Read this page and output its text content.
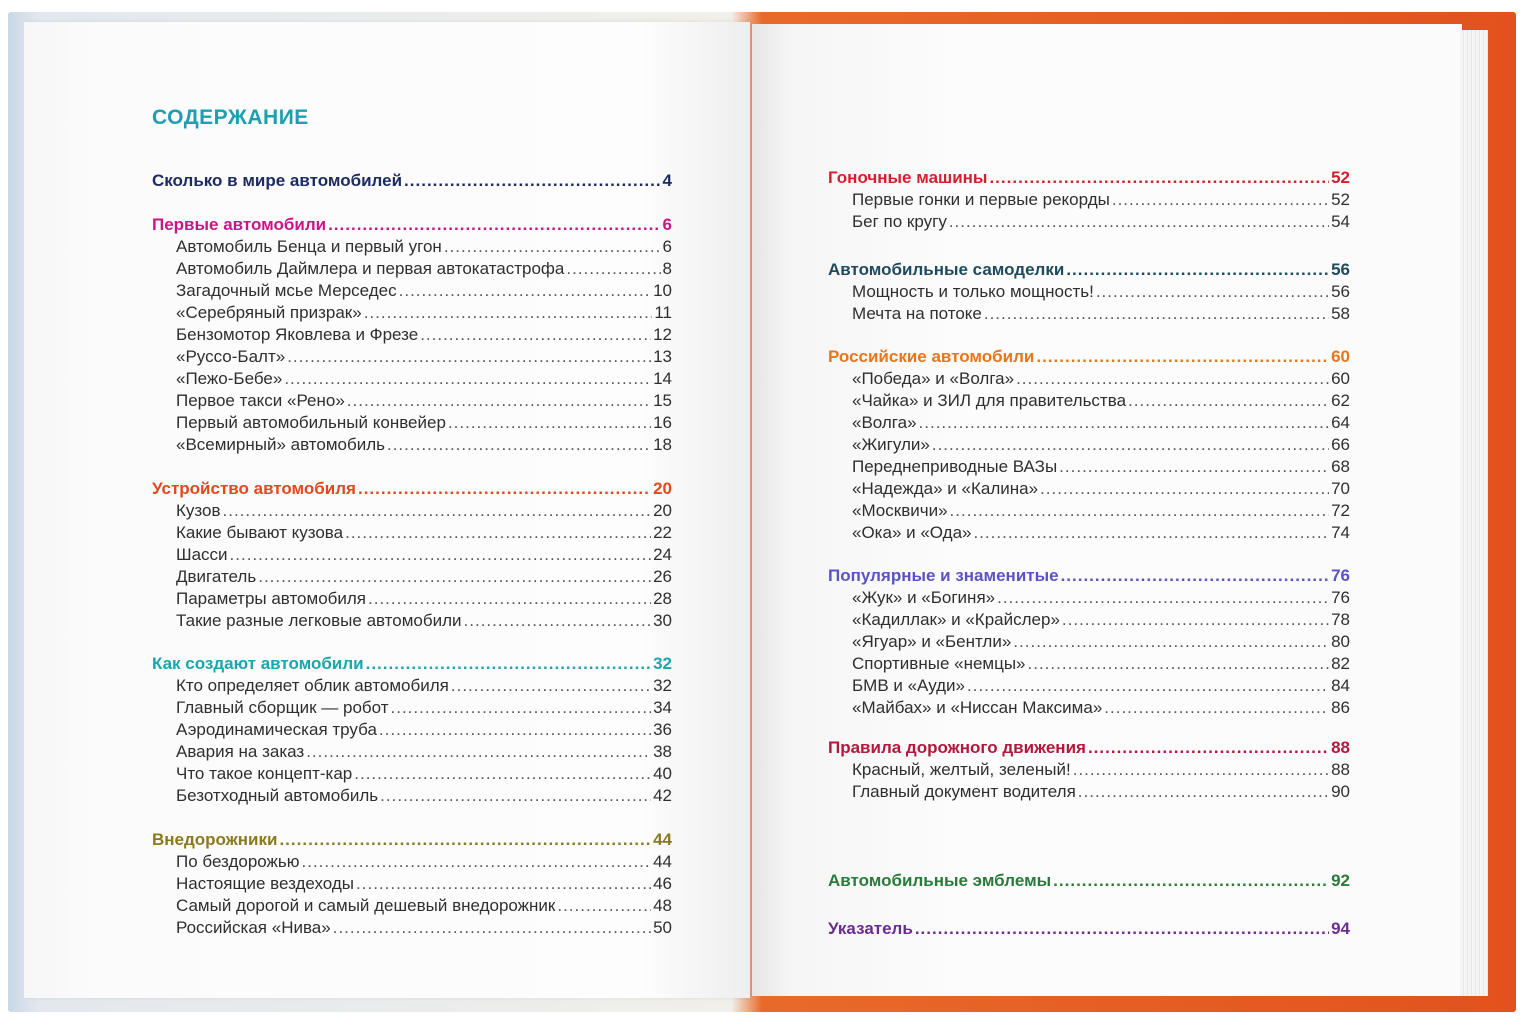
СОДЕРЖАНИЕ
Сколько в мире автомобилей .....	4
Первые автомобили .....	6
Автомобиль Бенца и первый угон .....	6
Автомобиль Даймлера и первая автокатастрофа .....	8
Загадочный мсье Мерседес .....	10
«Серебряный призрак» .....	11
Бензомотор Яковлева и Фрезе .....	12
«Руссо-Балт» .....	13
«Пежо-Бебе» .....	14
Первое такси «Рено» .....	15
Первый автомобильный конвейер .....	16
«Всемирный» автомобиль .....	18
Устройство автомобиля .....	20
Кузов .....	20
Какие бывают кузова .....	22
Шасси .....	24
Двигатель .....	26
Параметры автомобиля .....	28
Такие разные легковые автомобили .....	30
Как создают автомобили .....	32
Кто определяет облик автомобиля .....	32
Главный сборщик — робот .....	34
Аэродинамическая труба .....	36
Авария на заказ .....	38
Что такое концепт-кар .....	40
Безотходный автомобиль .....	42
Внедорожники .....	44
По бездорожью .....	44
Настоящие вездеходы .....	46
Самый дорогой и самый дешевый внедорожник .....	48
Российская «Нива» .....	50
Гоночные машины .....	52
Первые гонки и первые рекорды .....	52
Бег по кругу .....	54
Автомобильные самоделки .....	56
Мощность и только мощность! .....	56
Мечта на потоке .....	58
Российские автомобили .....	60
«Победа» и «Волга» .....	60
«Чайка» и ЗИЛ для правительства .....	62
«Волга» .....	64
«Жигули» .....	66
Переднеприводные ВАЗы .....	68
«Надежда» и «Калина» .....	70
«Москвичи» .....	72
«Ока» и «Ода» .....	74
Популярные и знаменитые .....	76
«Жук» и «Богиня» .....	76
«Кадиллак» и «Крайслер» .....	78
«Ягуар» и «Бентли» .....	80
Спортивные «немцы» .....	82
БМВ и «Ауди» .....	84
«Майбах» и «Ниссан Максима» .....	86
Правила дорожного движения .....	88
Красный, желтый, зеленый! .....	88
Главный документ водителя .....	90
Автомобильные эмблемы .....	92
Указатель .....	94
